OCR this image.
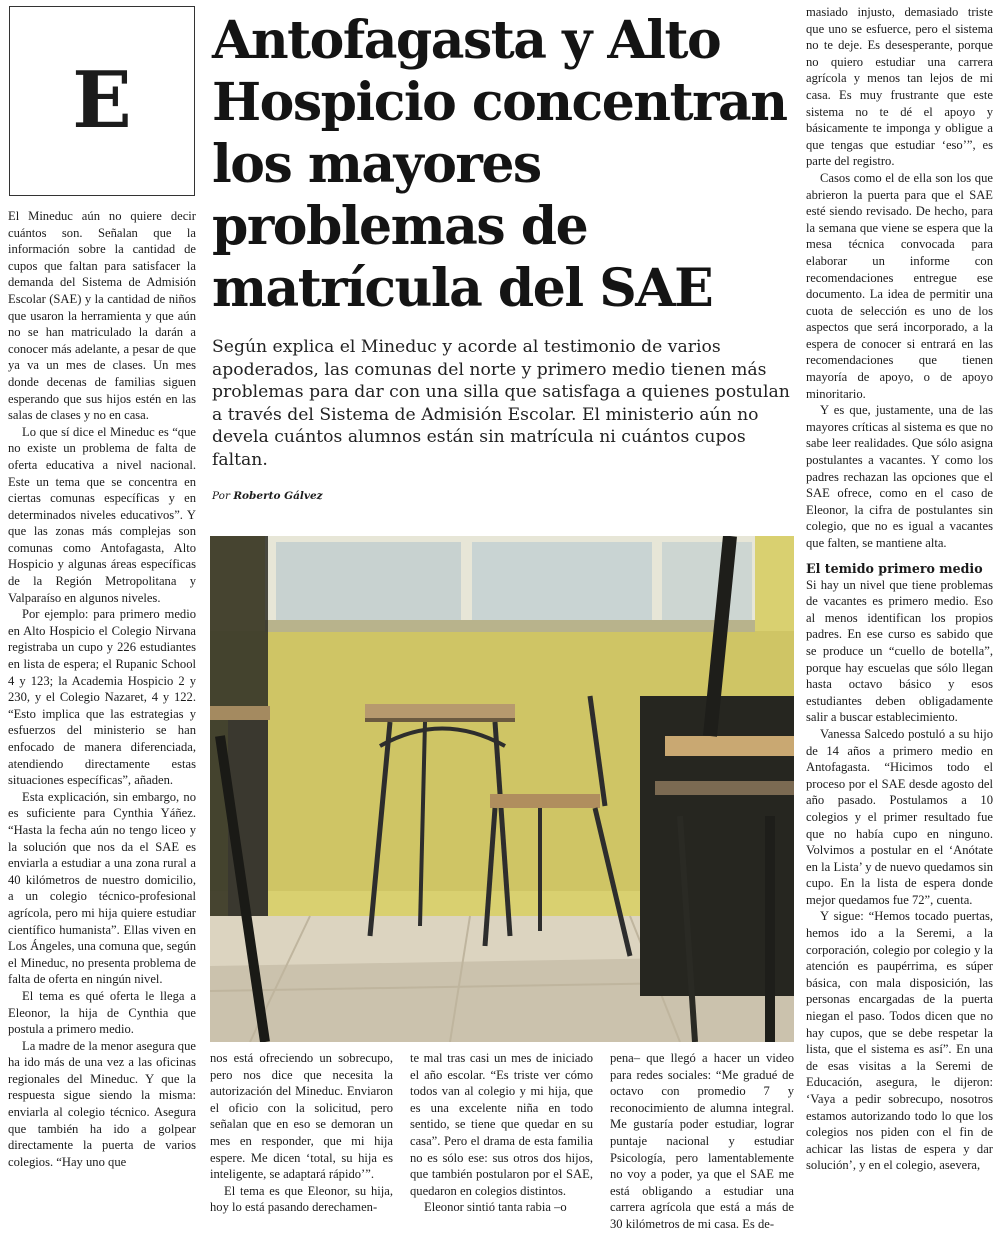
E
Antofagasta y Alto Hospicio concentran los mayores problemas de matrícula del SAE

Según explica el Mineduc y acorde al testimonio de varios apoderados, las comunas del norte y primero medio tienen más problemas para dar con una silla que satisfaga a quienes postulan a través del Sistema de Admisión Escolar. El ministerio aún no devela cuántos alumnos están sin matrícula ni cuántos cupos faltan.

Por Roberto Gálvez

El Mineduc aún no quiere decir cuántos son. Señalan que la información sobre la cantidad de cupos que faltan para satisfacer la demanda del Sistema de Admisión Escolar (SAE) y la cantidad de niños que usaron la herramienta y que aún no se han matriculado la darán a conocer más adelante, a pesar de que ya va un mes de clases. Un mes donde decenas de familias siguen esperando que sus hijos estén en las salas de clases y no en casa.

Lo que sí dice el Mineduc es “que no existe un problema de falta de oferta educativa a nivel nacional. Este un tema que se concentra en ciertas comunas específicas y en determinados niveles educativos”. Y que las zonas más complejas son comunas como Antofagasta, Alto Hospicio y algunas áreas específicas de la Región Metropolitana y Valparaíso en algunos niveles.

Por ejemplo: para primero medio en Alto Hospicio el Colegio Nirvana registraba un cupo y 226 estudiantes en lista de espera; el Rupanic School 4 y 123; la Academia Hospicio 2 y 230, y el Colegio Nazaret, 4 y 122. “Esto implica que las estrategias y esfuerzos del ministerio se han enfocado de manera diferenciada, atendiendo directamente estas situaciones específicas”, añaden.

Esta explicación, sin embargo, no es suficiente para Cynthia Yáñez. “Hasta la fecha aún no tengo liceo y la solución que nos da el SAE es enviarla a estudiar a una zona rural a 40 kilómetros de nuestro domicilio, a un colegio técnico-profesional agrícola, pero mi hija quiere estudiar científico humanista”. Ellas viven en Los Ángeles, una comuna que, según el Mineduc, no presenta problema de falta de oferta en ningún nivel.

El tema es qué oferta le llega a Eleonor, la hija de Cynthia que postula a primero medio.

La madre de la menor asegura que ha ido más de una vez a las oficinas regionales del Mineduc. Y que la respuesta sigue siendo la misma: enviarla al colegio técnico. Asegura que también ha ido a golpear directamente la puerta de varios colegios. “Hay uno que

nos está ofreciendo un sobrecupo, pero nos dice que necesita la autorización del Mineduc. Enviaron el oficio con la solicitud, pero señalan que en eso se demoran un mes en responder, que mi hija espere. Me dicen ‘total, su hija es inteligente, se adaptará rápido’”.

El tema es que Eleonor, su hija, hoy lo está pasando derechamen-

te mal tras casi un mes de iniciado el año escolar. “Es triste ver cómo todos van al colegio y mi hija, que es una excelente niña en todo sentido, se tiene que quedar en su casa”. Pero el drama de esta familia no es sólo ese: sus otros dos hijos, que también postularon por el SAE, quedaron en colegios distintos.

Eleonor sintió tanta rabia –o

pena– que llegó a hacer un video para redes sociales: “Me gradué de octavo con promedio 7 y reconocimiento de alumna integral. Me gustaría poder estudiar, lograr puntaje nacional y estudiar Psicología, pero lamentablemente no voy a poder, ya que el SAE me está obligando a estudiar una carrera agrícola que está a más de 30 kilómetros de mi casa. Es de-

masiado injusto, demasiado triste que uno se esfuerce, pero el sistema no te deje. Es desesperante, porque no quiero estudiar una carrera agrícola y menos tan lejos de mi casa. Es muy frustrante que este sistema no te dé el apoyo y básicamente te imponga y obligue a que tengas que estudiar ‘eso’”, es parte del registro.

Casos como el de ella son los que abrieron la puerta para que el SAE esté siendo revisado. De hecho, para la semana que viene se espera que la mesa técnica convocada para elaborar un informe con recomendaciones entregue ese documento. La idea de permitir una cuota de selección es uno de los aspectos que será incorporado, a la espera de conocer si entrará en las recomendaciones que tienen mayoría de apoyo, o de apoyo minoritario.

Y es que, justamente, una de las mayores críticas al sistema es que no sabe leer realidades. Que sólo asigna postulantes a vacantes. Y como los padres rechazan las opciones que el SAE ofrece, como en el caso de Eleonor, la cifra de postulantes sin colegio, que no es igual a vacantes que falten, se mantiene alta.

El temido primero medio

Si hay un nivel que tiene problemas de vacantes es primero medio. Eso al menos identifican los propios padres. En ese curso es sabido que se produce un “cuello de botella”, porque hay escuelas que sólo llegan hasta octavo básico y esos estudiantes deben obligadamente salir a buscar establecimiento.

Vanessa Salcedo postuló a su hijo de 14 años a primero medio en Antofagasta. “Hicimos todo el proceso por el SAE desde agosto del año pasado. Postulamos a 10 colegios y el primer resultado fue que no había cupo en ninguno. Volvimos a postular en el ‘Anótate en la Lista’ y de nuevo quedamos sin cupo. En la lista de espera donde mejor quedamos fue 72”, cuenta.

Y sigue: “Hemos tocado puertas, hemos ido a la Seremi, a la corporación, colegio por colegio y la atención es paupérrima, es súper básica, con mala disposición, las personas encargadas de la puerta niegan el paso. Todos dicen que no hay cupos, que se debe respetar la lista, que el sistema es así”. En una de esas visitas a la Seremi de Educación, asegura, le dijeron: ‘Vaya a pedir sobrecupo, nosotros estamos autorizando todo lo que los colegios nos piden con el fin de achicar las listas de espera y dar solución’, y en el colegio, asevera,
